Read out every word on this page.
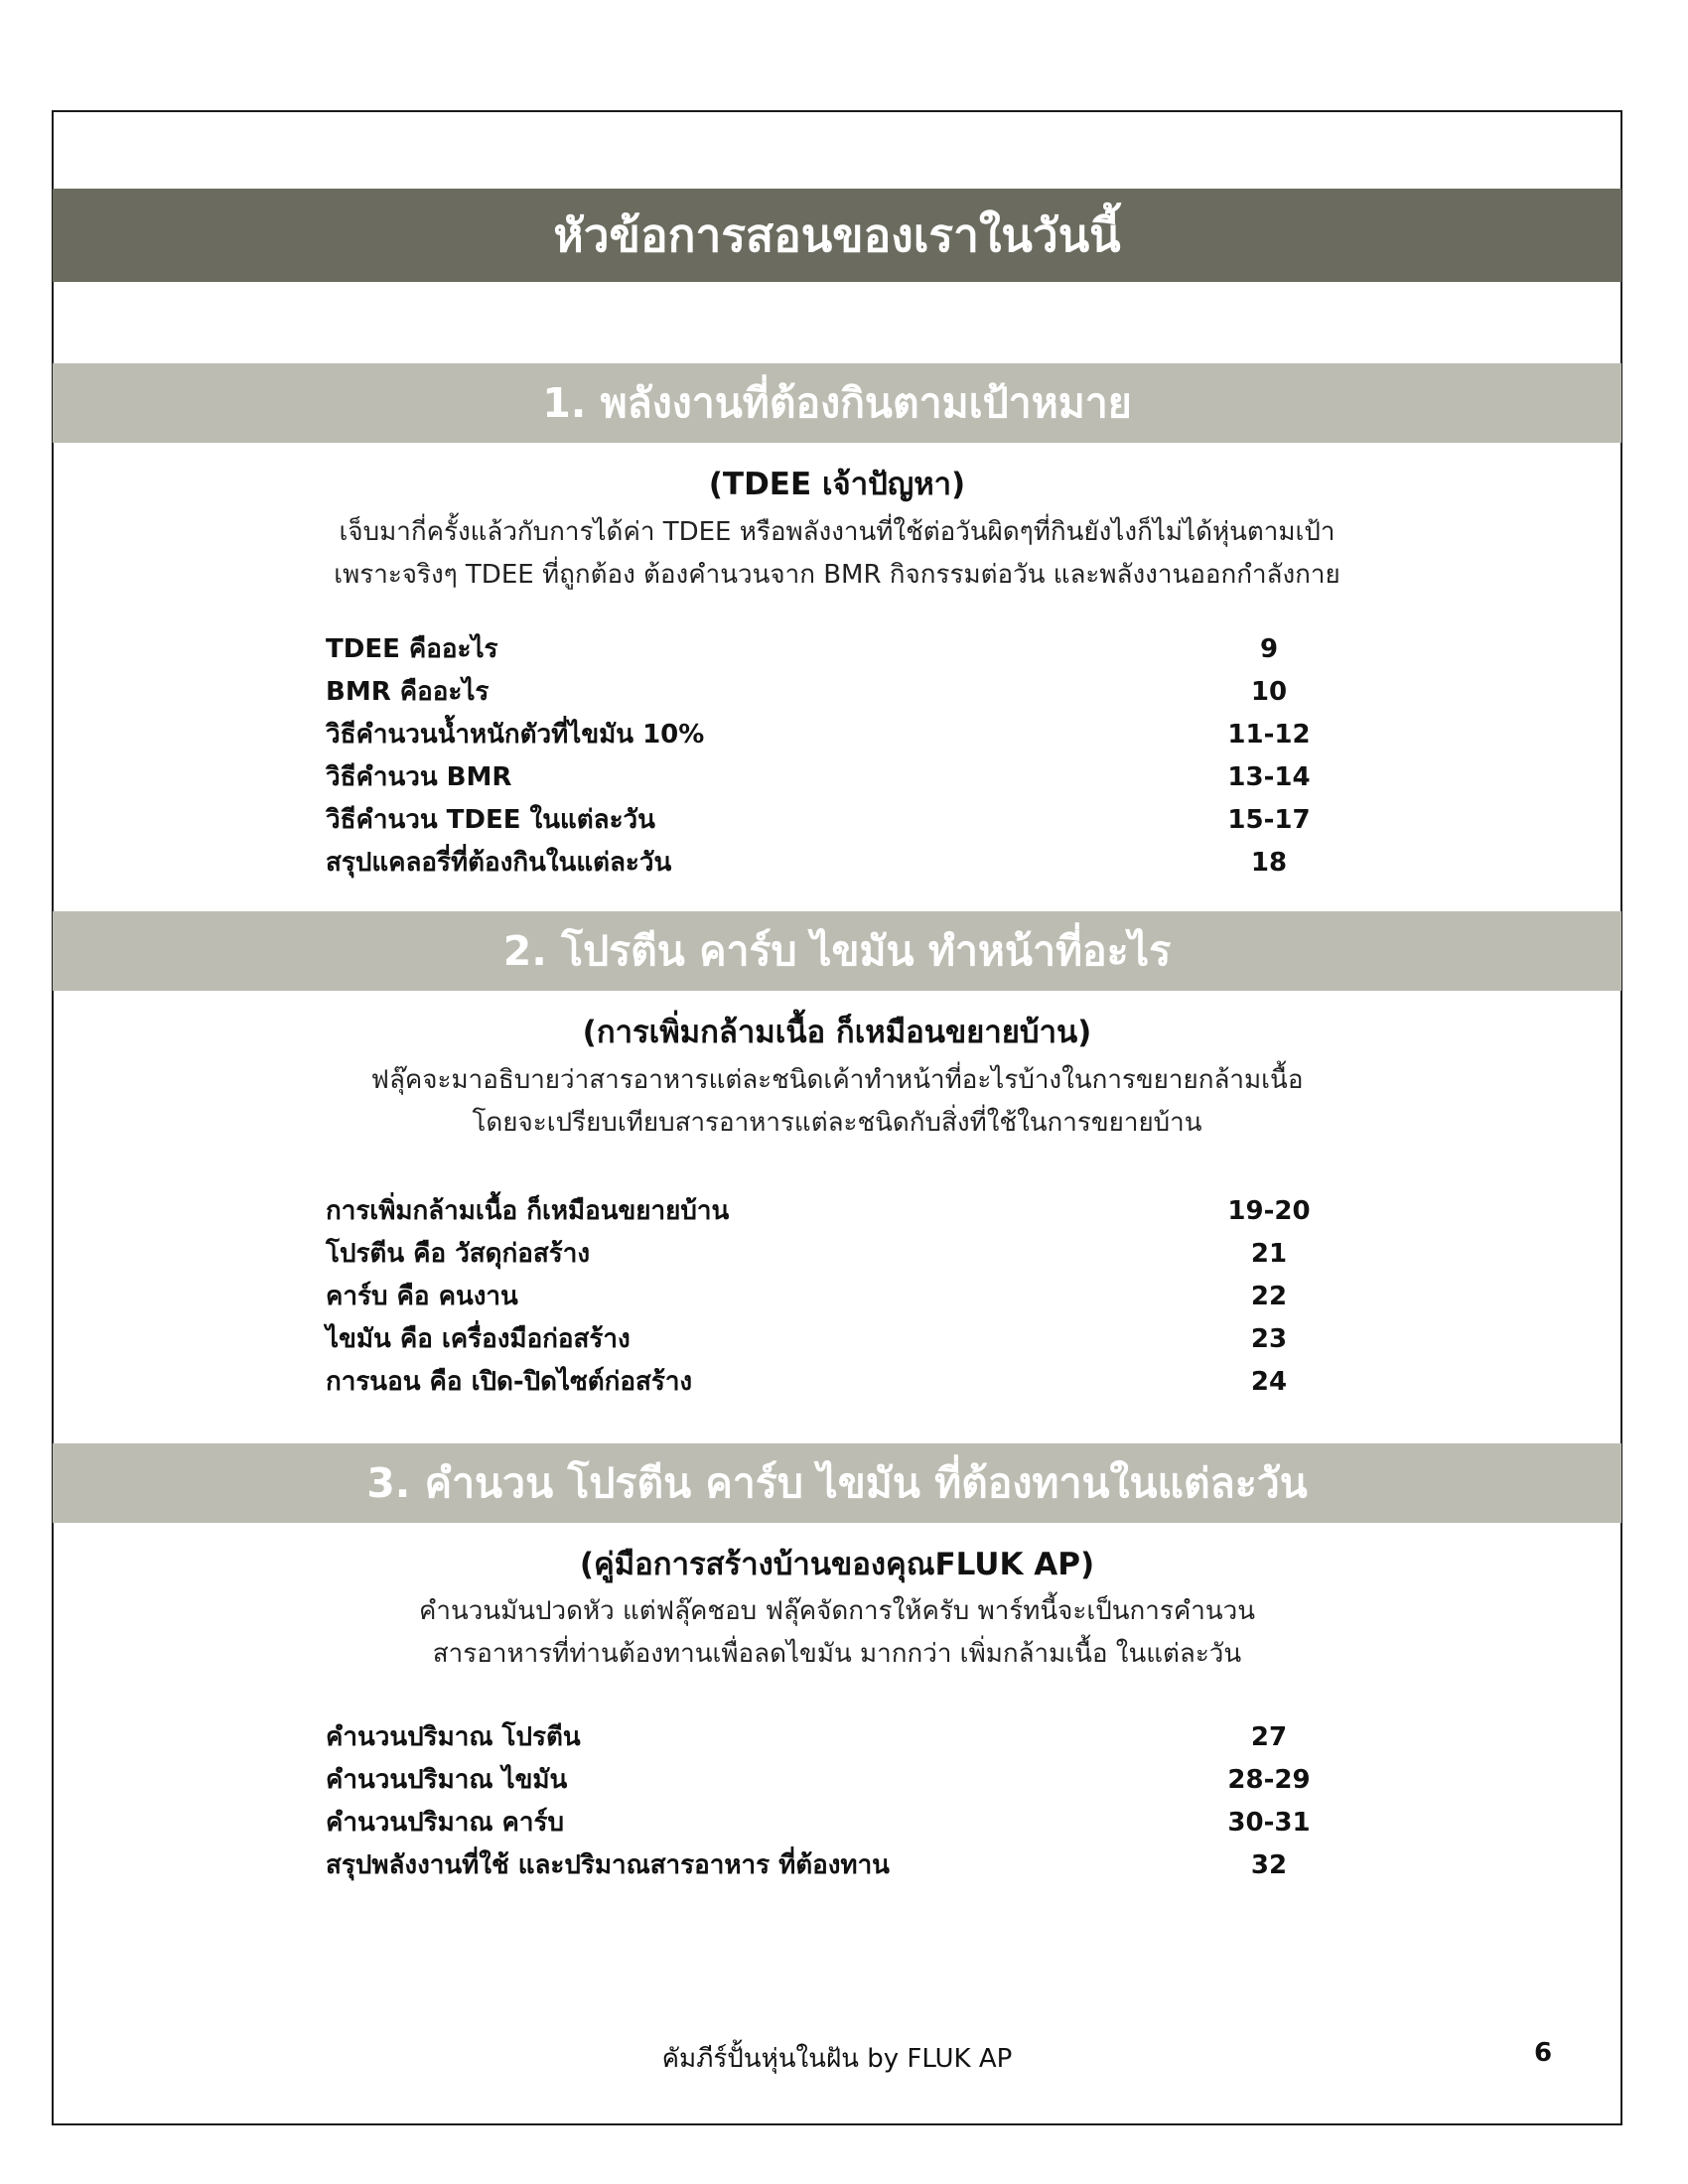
หัวข้อการสอนของเราในวันนี้
1. พลังงานที่ต้องกินตามเป้าหมาย
(TDEE เจ้าปัญหา)
เจ็บมากี่ครั้งแล้วกับการได้ค่า TDEE หรือพลังงานที่ใช้ต่อวันผิดๆที่กินยังไงก็ไม่ได้หุ่นตามเป้า
เพราะจริงๆ TDEE ที่ถูกต้อง ต้องคำนวนจาก BMR กิจกรรมต่อวัน และพลังงานออกกำลังกาย
TDEE คืออะไร	9
BMR คืออะไร	10
วิธีคำนวนน้ำหนักตัวที่ไขมัน 10%	11-12
วิธีคำนวน BMR	13-14
วิธีคำนวน TDEE ในแต่ละวัน	15-17
สรุปแคลอรี่ที่ต้องกินในแต่ละวัน	18
2. โปรตีน คาร์บ ไขมัน ทำหน้าที่อะไร
(การเพิ่มกล้ามเนื้อ ก็เหมือนขยายบ้าน)
ฟลุ๊คจะมาอธิบายว่าสารอาหารแต่ละชนิดเค้าทำหน้าที่อะไรบ้างในการขยายกล้ามเนื้อ
โดยจะเปรียบเทียบสารอาหารแต่ละชนิดกับสิ่งที่ใช้ในการขยายบ้าน
การเพิ่มกล้ามเนื้อ ก็เหมือนขยายบ้าน	19-20
โปรตีน คือ วัสดุก่อสร้าง	21
คาร์บ คือ คนงาน	22
ไขมัน คือ เครื่องมือก่อสร้าง	23
การนอน คือ เปิด-ปิดไซต์ก่อสร้าง	24
3. คำนวน โปรตีน คาร์บ ไขมัน ที่ต้องทานในแต่ละวัน
(คู่มือการสร้างบ้านของคุณFLUK AP)
คำนวนมันปวดหัว แต่ฟลุ๊คชอบ ฟลุ๊คจัดการให้ครับ พาร์ทนี้จะเป็นการคำนวน
สารอาหารที่ท่านต้องทานเพื่อลดไขมัน มากกว่า เพิ่มกล้ามเนื้อ ในแต่ละวัน
คำนวนปริมาณ โปรตีน	27
คำนวนปริมาณ ไขมัน	28-29
คำนวนปริมาณ คาร์บ	30-31
สรุปพลังงานที่ใช้ และปริมาณสารอาหาร ที่ต้องทาน	32
คัมภีร์ปั้นหุ่นในฝัน by FLUK AP	6
